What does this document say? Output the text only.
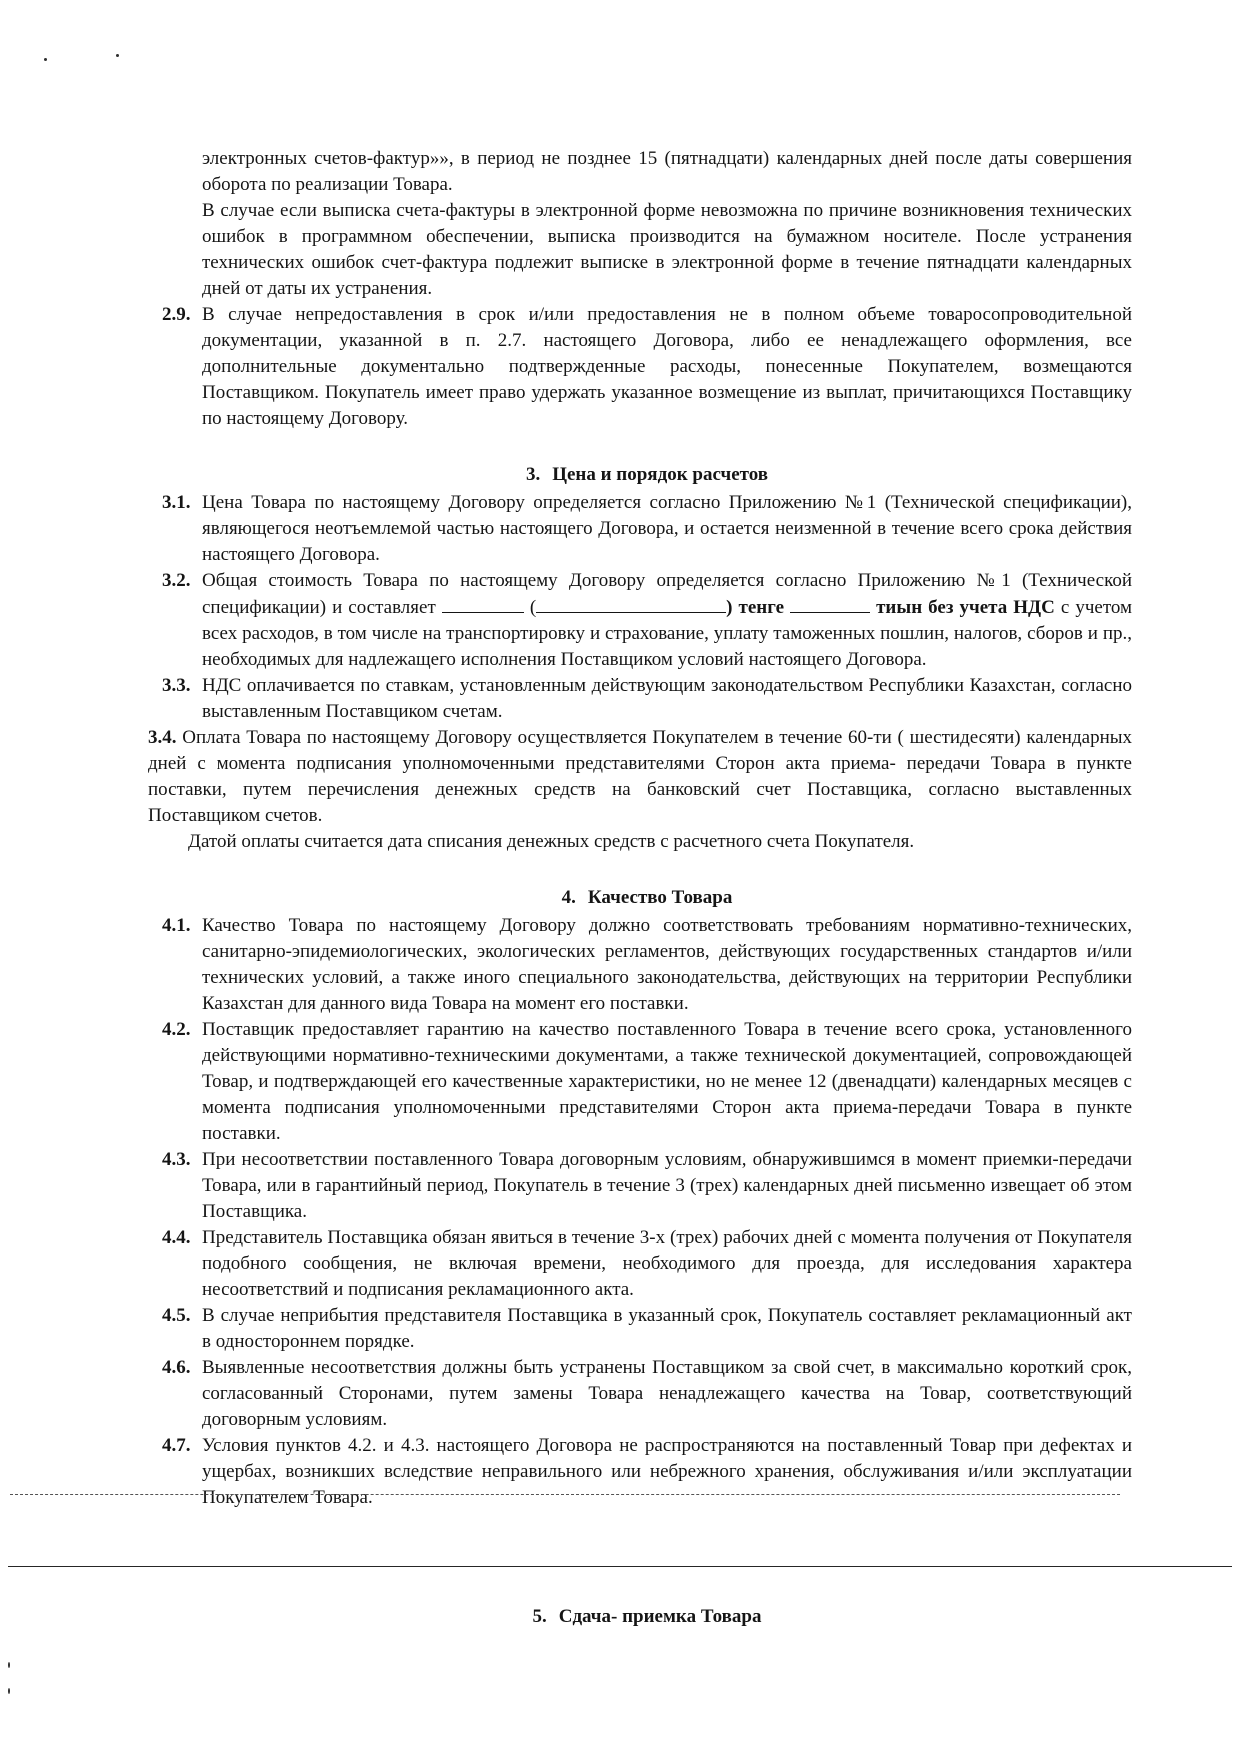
электронных счетов-фактур»», в период не позднее 15 (пятнадцати) календарных дней после даты совершения оборота по реализации Товара.

В случае если выписка счета-фактуры в электронной форме невозможна по причине возникновения технических ошибок в программном обеспечении, выписка производится на бумажном носителе. После устранения технических ошибок счет-фактура подлежит выписке в электронной форме в течение пятнадцати календарных дней от даты их устранения.

2.9. В случае непредоставления в срок и/или предоставления не в полном объеме товаросопроводительной документации, указанной в п. 2.7. настоящего Договора, либо ее ненадлежащего оформления, все дополнительные документально подтвержденные расходы, понесенные Покупателем, возмещаются Поставщиком. Покупатель имеет право удержать указанное возмещение из выплат, причитающихся Поставщику по настоящему Договору.
3. Цена и порядок расчетов
3.1. Цена Товара по настоящему Договору определяется согласно Приложению №1 (Технической спецификации), являющегося неотъемлемой частью настоящего Договора, и остается неизменной в течение всего срока действия настоящего Договора.
3.2. Общая стоимость Товара по настоящему Договору определяется согласно Приложению №1 (Технической спецификации) и составляет	(	) тенге	тиын без учета НДС с учетом всех расходов, в том числе на транспортировку и страхование, уплату таможенных пошлин, налогов, сборов и пр., необходимых для надлежащего исполнения Поставщиком условий настоящего Договора.
3.3. НДС оплачивается по ставкам, установленным действующим законодательством Республики Казахстан, согласно выставленным Поставщиком счетам.
3.4. Оплата Товара по настоящему Договору осуществляется Покупателем в течение 60-ти ( шестидесяти) календарных дней с момента подписания уполномоченными представителями Сторон акта приема- передачи Товара в пункте поставки, путем перечисления денежных средств на банковский счет Поставщика, согласно выставленных Поставщиком счетов.

Датой оплаты считается дата списания денежных средств с расчетного счета Покупателя.

4. Качество Товара
4.1. Качество Товара по настоящему Договору должно соответствовать требованиям нормативно-технических, санитарно-эпидемиологических, экологических регламентов, действующих государственных стандартов и/или технических условий, а также иного специального законодательства, действующих на территории Республики Казахстан для данного вида Товара на момент его поставки.
4.2. Поставщик предоставляет гарантию на качество поставленного Товара в течение всего срока, установленного действующими нормативно-техническими документами, а также технической документацией, сопровождающей Товар, и подтверждающей его качественные характеристики, но не менее 12 (двенадцати) календарных месяцев с момента подписания уполномоченными представителями Сторон акта приема-передачи Товара в пункте поставки.
4.3. При несоответствии поставленного Товара договорным условиям, обнаружившимся в момент приемки-передачи Товара, или в гарантийный период, Покупатель в течение 3 (трех) календарных дней письменно извещает об этом Поставщика.
4.4. Представитель Поставщика обязан явиться в течение 3-х (трех) рабочих дней с момента получения от Покупателя подобного сообщения, не включая времени, необходимого для проезда, для исследования характера несоответствий и подписания рекламационного акта.
4.5. В случае неприбытия представителя Поставщика в указанный срок, Покупатель составляет рекламационный акт в одностороннем порядке.
4.6. Выявленные несоответствия должны быть устранены Поставщиком за свой счет, в максимально короткий срок, согласованный Сторонами, путем замены Товара ненадлежащего качества на Товар, соответствующий договорным условиям.
4.7. Условия пунктов 4.2. и 4.3. настоящего Договора не распространяются на поставленный Товар при дефектах и ущербах, возникших вследствие неправильного или небрежного хранения, обслуживания и/или эксплуатации Покупателем Товара.
5. Сдача- приемка Товара
